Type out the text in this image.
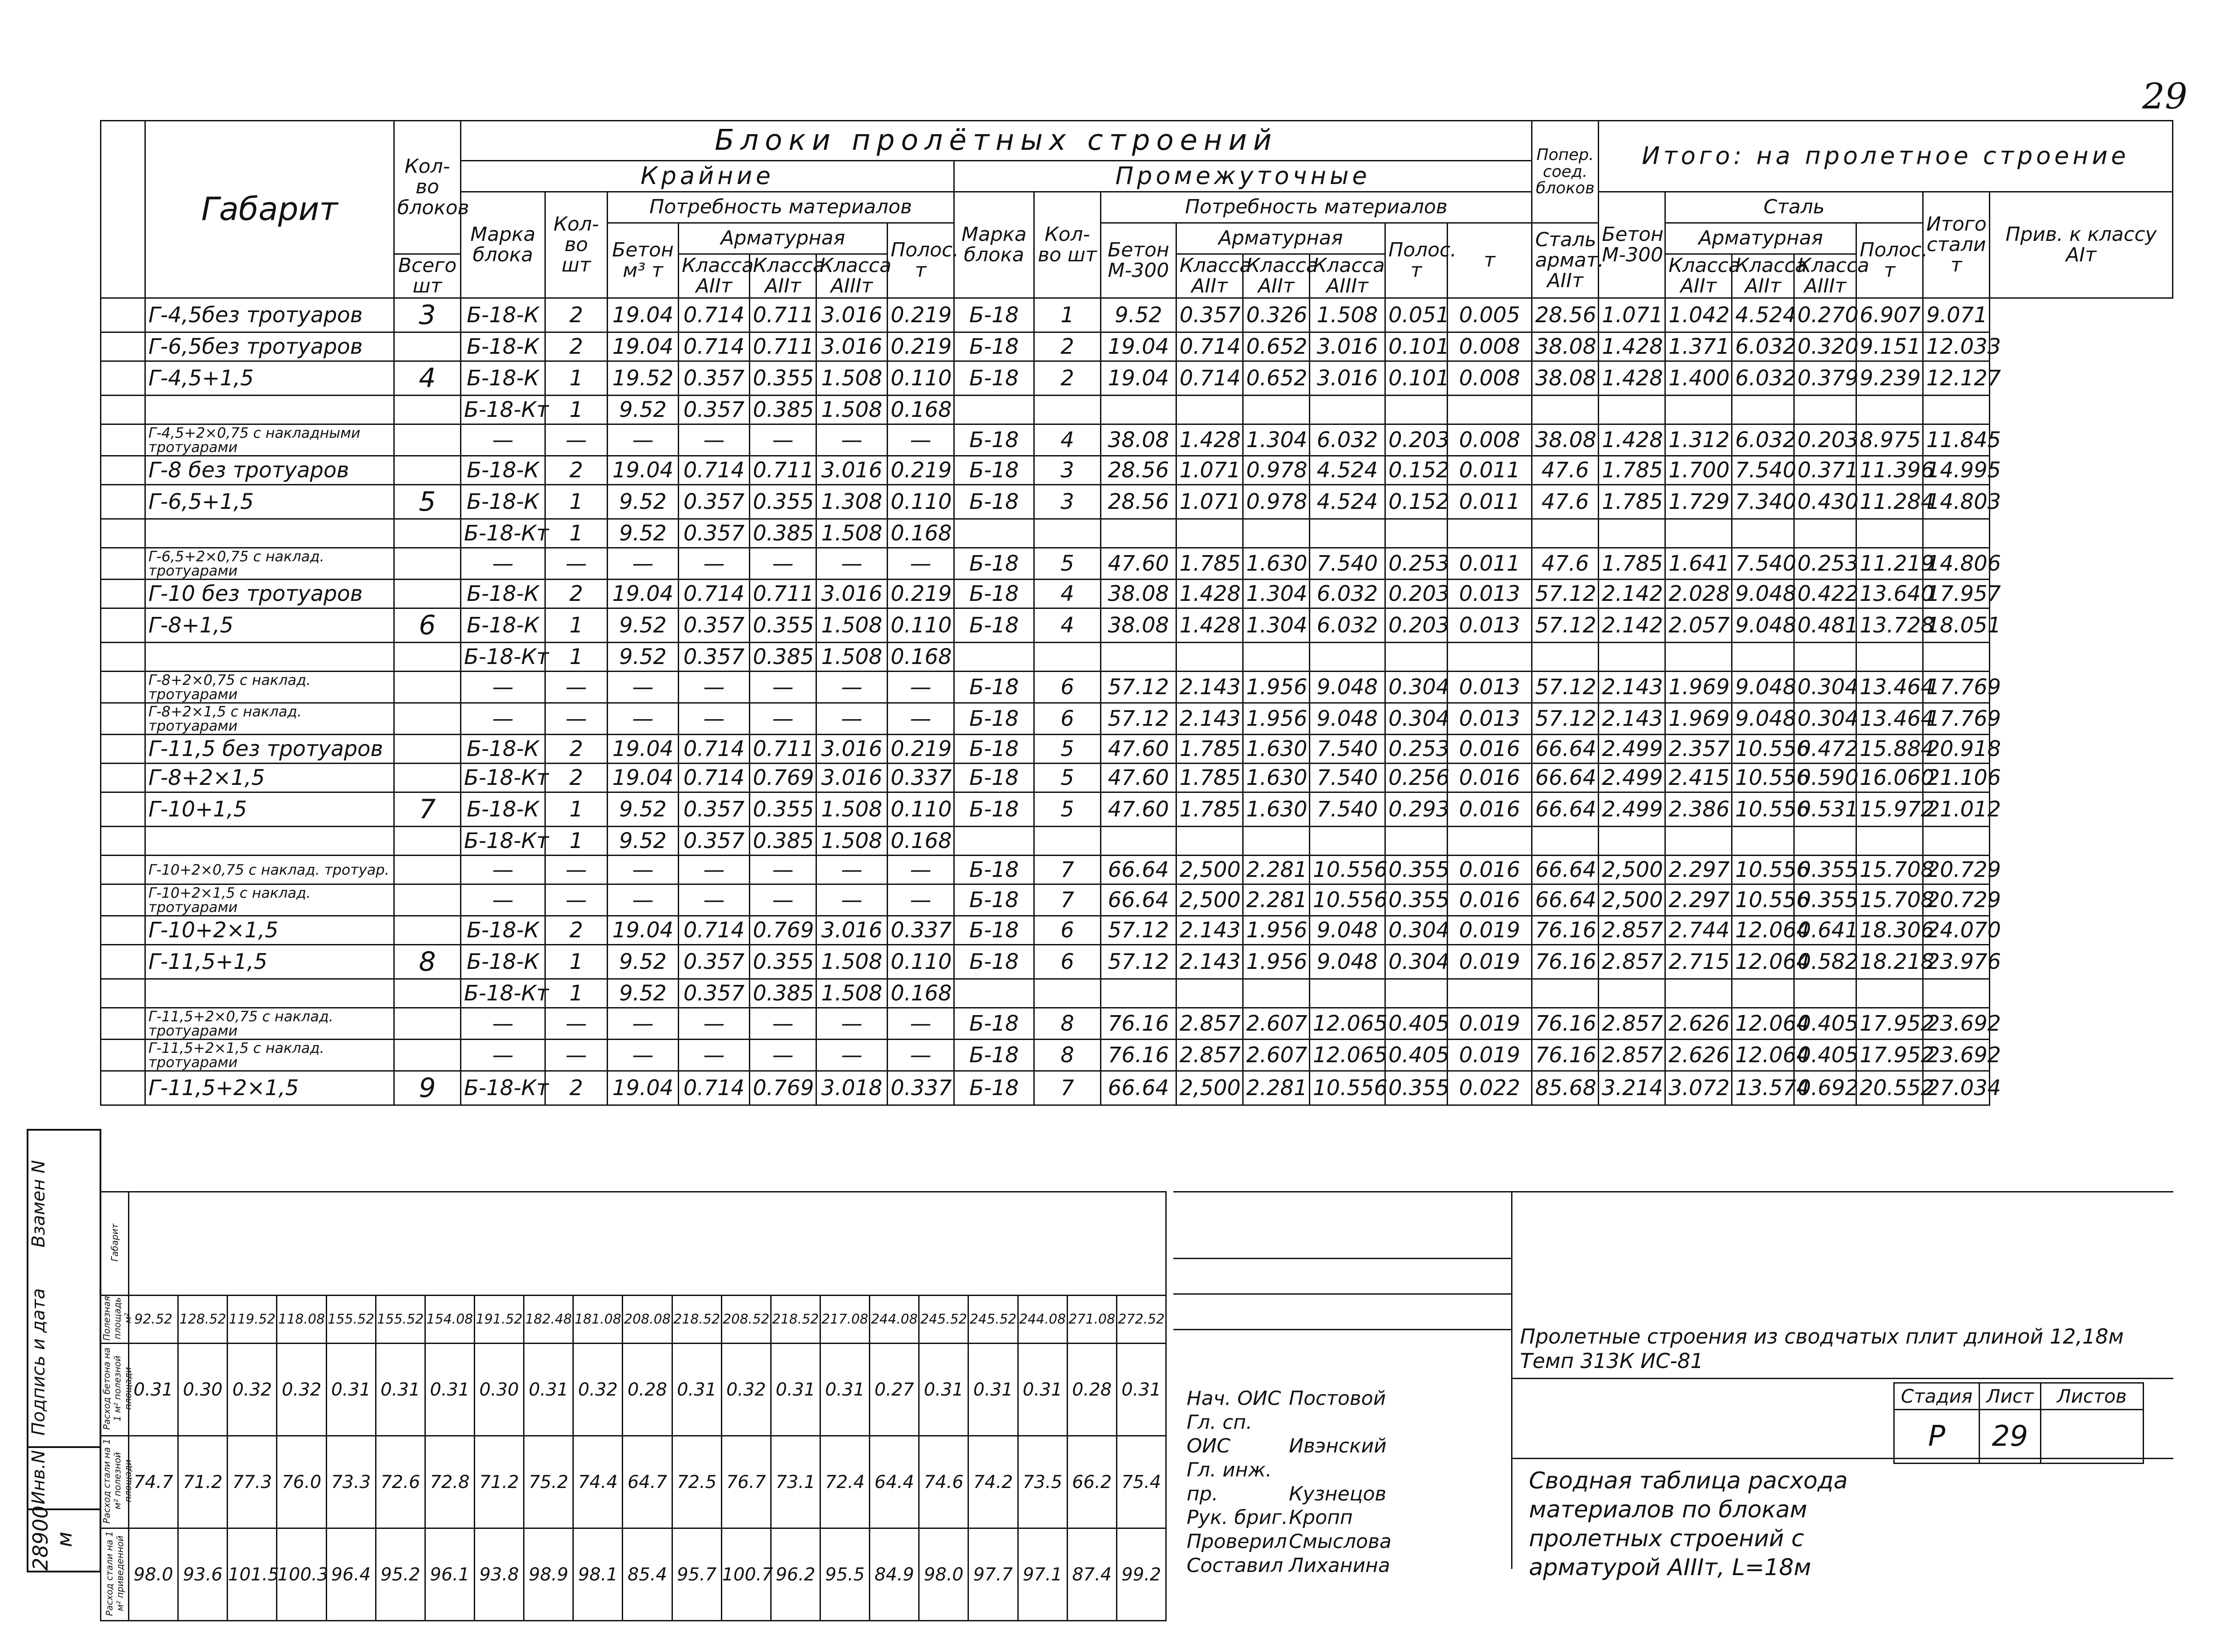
29
	Габарит	Кол-во блоков	Блоки пролётных строений															Попер. соед. блоков	Итого: на пролетное строение						
			Крайние							Промежуточные															
			Марка блока	Кол-во шт	Потребность материалов					Марка блока	Кол-во шт	Потребность материалов							Бетон М-300	Сталь				Итого стали т	Прив. к классу АIт
					Бетон м³ т	Арматурная			Полос. т			Бетон М-300	Арматурная			Полос. т	т	Сталь армат. АIIт		Арматурная			Полос. т		
		Всего шт				Класса АIIт	Класса АIIт	Класса АIIIт					Класса АIIт	Класса АIIт	Класса АIIIт					Класса АIIт	Класса АIIт	Класса АIIIт			
	Г-4,5без тротуаров	3	Б-18-К	2	19.04	0.714	0.711	3.016	0.219	Б-18	1	9.52	0.357	0.326	1.508	0.051	0.005	28.56	1.071	1.042	4.524	0.270	6.907	9.071	
	Г-6,5без тротуаров		Б-18-К	2	19.04	0.714	0.711	3.016	0.219	Б-18	2	19.04	0.714	0.652	3.016	0.101	0.008	38.08	1.428	1.371	6.032	0.320	9.151	12.033	
	Г-4,5+1,5	4	Б-18-К	1	19.52	0.357	0.355	1.508	0.110	Б-18	2	19.04	0.714	0.652	3.016	0.101	0.008	38.08	1.428	1.400	6.032	0.379	9.239	12.127	
			Б-18-Кт	1	9.52	0.357	0.385	1.508	0.168																
	Г-4,5+2×0,75 с накладными тротуарами		—	—	—	—	—	—	—	Б-18	4	38.08	1.428	1.304	6.032	0.203	0.008	38.08	1.428	1.312	6.032	0.203	8.975	11.845	
	Г-8 без тротуаров		Б-18-К	2	19.04	0.714	0.711	3.016	0.219	Б-18	3	28.56	1.071	0.978	4.524	0.152	0.011	47.6	1.785	1.700	7.540	0.371	11.396	14.995	
	Г-6,5+1,5	5	Б-18-К	1	9.52	0.357	0.355	1.308	0.110	Б-18	3	28.56	1.071	0.978	4.524	0.152	0.011	47.6	1.785	1.729	7.340	0.430	11.284	14.803	
			Б-18-Кт	1	9.52	0.357	0.385	1.508	0.168																
	Г-6,5+2×0,75 с наклад. тротуарами		—	—	—	—	—	—	—	Б-18	5	47.60	1.785	1.630	7.540	0.253	0.011	47.6	1.785	1.641	7.540	0.253	11.219	14.806	
	Г-10 без тротуаров		Б-18-К	2	19.04	0.714	0.711	3.016	0.219	Б-18	4	38.08	1.428	1.304	6.032	0.203	0.013	57.12	2.142	2.028	9.048	0.422	13.640	17.957	
	Г-8+1,5	6	Б-18-К	1	9.52	0.357	0.355	1.508	0.110	Б-18	4	38.08	1.428	1.304	6.032	0.203	0.013	57.12	2.142	2.057	9.048	0.481	13.728	18.051	
			Б-18-Кт	1	9.52	0.357	0.385	1.508	0.168																
	Г-8+2×0,75 с наклад. тротуарами		—	—	—	—	—	—	—	Б-18	6	57.12	2.143	1.956	9.048	0.304	0.013	57.12	2.143	1.969	9.048	0.304	13.464	17.769	
	Г-8+2×1,5 с наклад. тротуарами		—	—	—	—	—	—	—	Б-18	6	57.12	2.143	1.956	9.048	0.304	0.013	57.12	2.143	1.969	9.048	0.304	13.464	17.769	
	Г-11,5 без тротуаров		Б-18-К	2	19.04	0.714	0.711	3.016	0.219	Б-18	5	47.60	1.785	1.630	7.540	0.253	0.016	66.64	2.499	2.357	10.556	0.472	15.884	20.918	
	Г-8+2×1,5		Б-18-Кт	2	19.04	0.714	0.769	3.016	0.337	Б-18	5	47.60	1.785	1.630	7.540	0.256	0.016	66.64	2.499	2.415	10.556	0.590	16.060	21.106	
	Г-10+1,5	7	Б-18-К	1	9.52	0.357	0.355	1.508	0.110	Б-18	5	47.60	1.785	1.630	7.540	0.293	0.016	66.64	2.499	2.386	10.556	0.531	15.972	21.012	
			Б-18-Кт	1	9.52	0.357	0.385	1.508	0.168																
	Г-10+2×0,75 с наклад. тротуар.		—	—	—	—	—	—	—	Б-18	7	66.64	2,500	2.281	10.556	0.355	0.016	66.64	2,500	2.297	10.556	0.355	15.708	20.729	
	Г-10+2×1,5 с наклад. тротуарами		—	—	—	—	—	—	—	Б-18	7	66.64	2,500	2.281	10.556	0.355	0.016	66.64	2,500	2.297	10.556	0.355	15.708	20.729	
	Г-10+2×1,5		Б-18-К	2	19.04	0.714	0.769	3.016	0.337	Б-18	6	57.12	2.143	1.956	9.048	0.304	0.019	76.16	2.857	2.744	12.064	0.641	18.306	24.070	
	Г-11,5+1,5	8	Б-18-К	1	9.52	0.357	0.355	1.508	0.110	Б-18	6	57.12	2.143	1.956	9.048	0.304	0.019	76.16	2.857	2.715	12.064	0.582	18.218	23.976	
			Б-18-Кт	1	9.52	0.357	0.385	1.508	0.168																
	Г-11,5+2×0,75 с наклад. тротуарами		—	—	—	—	—	—	—	Б-18	8	76.16	2.857	2.607	12.065	0.405	0.019	76.16	2.857	2.626	12.064	0.405	17.952	23.692	
	Г-11,5+2×1,5 с наклад. тротуарами		—	—	—	—	—	—	—	Б-18	8	76.16	2.857	2.607	12.065	0.405	0.019	76.16	2.857	2.626	12.064	0.405	17.952	23.692	
	Г-11,5+2×1,5	9	Б-18-Кт	2	19.04	0.714	0.769	3.018	0.337	Б-18	7	66.64	2,500	2.281	10.556	0.355	0.022	85.68	3.214	3.072	13.574	0.692	20.552	27.034	
Взамен N
Подпись и дата
Инв.N
28900 м
Габарит																					
Полезная площадь м²	92.52	128.52	119.52	118.08	155.52	155.52	154.08	191.52	182.48	181.08	208.08	218.52	208.52	218.52	217.08	244.08	245.52	245.52	244.08	271.08	272.52
Расход бетона на 1 м² полезной площади	0.31	0.30	0.32	0.32	0.31	0.31	0.31	0.30	0.31	0.32	0.28	0.31	0.32	0.31	0.31	0.27	0.31	0.31	0.31	0.28	0.31
Расход стали на 1 м² полезной площади	74.7	71.2	77.3	76.0	73.3	72.6	72.8	71.2	75.2	74.4	64.7	72.5	76.7	73.1	72.4	64.4	74.6	74.2	73.5	66.2	75.4
Расход стали на 1 м² приведенной	98.0	93.6	101.5	100.3	96.4	95.2	96.1	93.8	98.9	98.1	85.4	95.7	100.7	96.2	95.5	84.9	98.0	97.7	97.1	87.4	99.2
Пролетные строения из сводчатых плит длиной 12,18м Темп 313К ИС-81
Стадия	Лист	Листов
Р	29	
Нач. ОИС Постовой
Гл. сп. ОИС	Ивэнский
Гл. инж. пр.	Кузнецов
Рук. бриг.Кропп
Проверил Смыслова
Составил Лиханина
Сводная таблица расхода материалов по блокам пролетных строений с арматурой АIIIт, L=18м
